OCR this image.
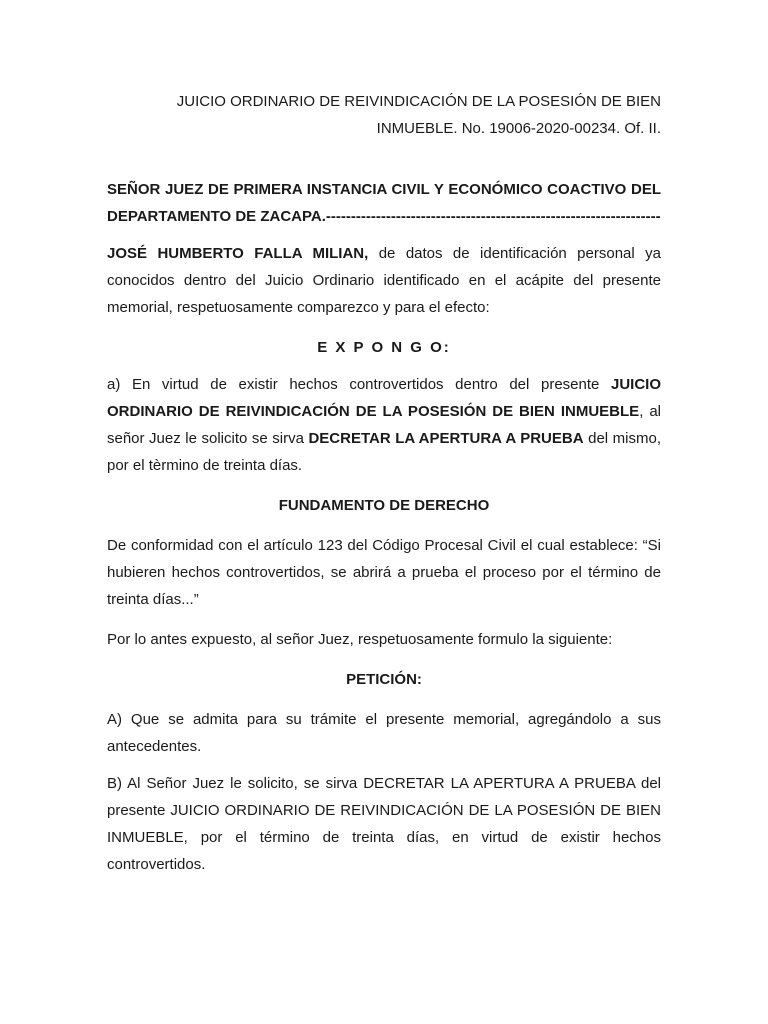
JUICIO ORDINARIO DE REIVINDICACIÓN DE LA POSESIÓN DE BIEN
INMUEBLE. No. 19006-2020-00234. Of. II.

SEÑOR JUEZ DE PRIMERA INSTANCIA CIVIL Y ECONÓMICO COACTIVO DEL DEPARTAMENTO DE ZACAPA.-------------------------------------------------------------------

JOSÉ HUMBERTO FALLA MILIAN, de datos de identificación personal ya conocidos dentro del Juicio Ordinario identificado en el acápite del presente memorial, respetuosamente comparezco y para el efecto:

E X P O N G O:

a) En virtud de existir hechos controvertidos dentro del presente JUICIO ORDINARIO DE REIVINDICACIÓN DE LA POSESIÓN DE BIEN INMUEBLE, al señor Juez le solicito se sirva DECRETAR LA APERTURA A PRUEBA del mismo, por el tèrmino de treinta días.

FUNDAMENTO DE DERECHO

De conformidad con el artículo 123 del Código Procesal Civil el cual establece: “Si hubieren hechos controvertidos, se abrirá a prueba el proceso por el término de treinta días...”

Por lo antes expuesto, al señor Juez, respetuosamente formulo la siguiente:

PETICIÓN:

A) Que se admita para su trámite el presente memorial, agregándolo a sus antecedentes.

B) Al Señor Juez le solicito, se sirva DECRETAR LA APERTURA A PRUEBA del presente JUICIO ORDINARIO DE REIVINDICACIÓN DE LA POSESIÓN DE BIEN INMUEBLE, por el término de treinta días, en virtud de existir hechos controvertidos.
